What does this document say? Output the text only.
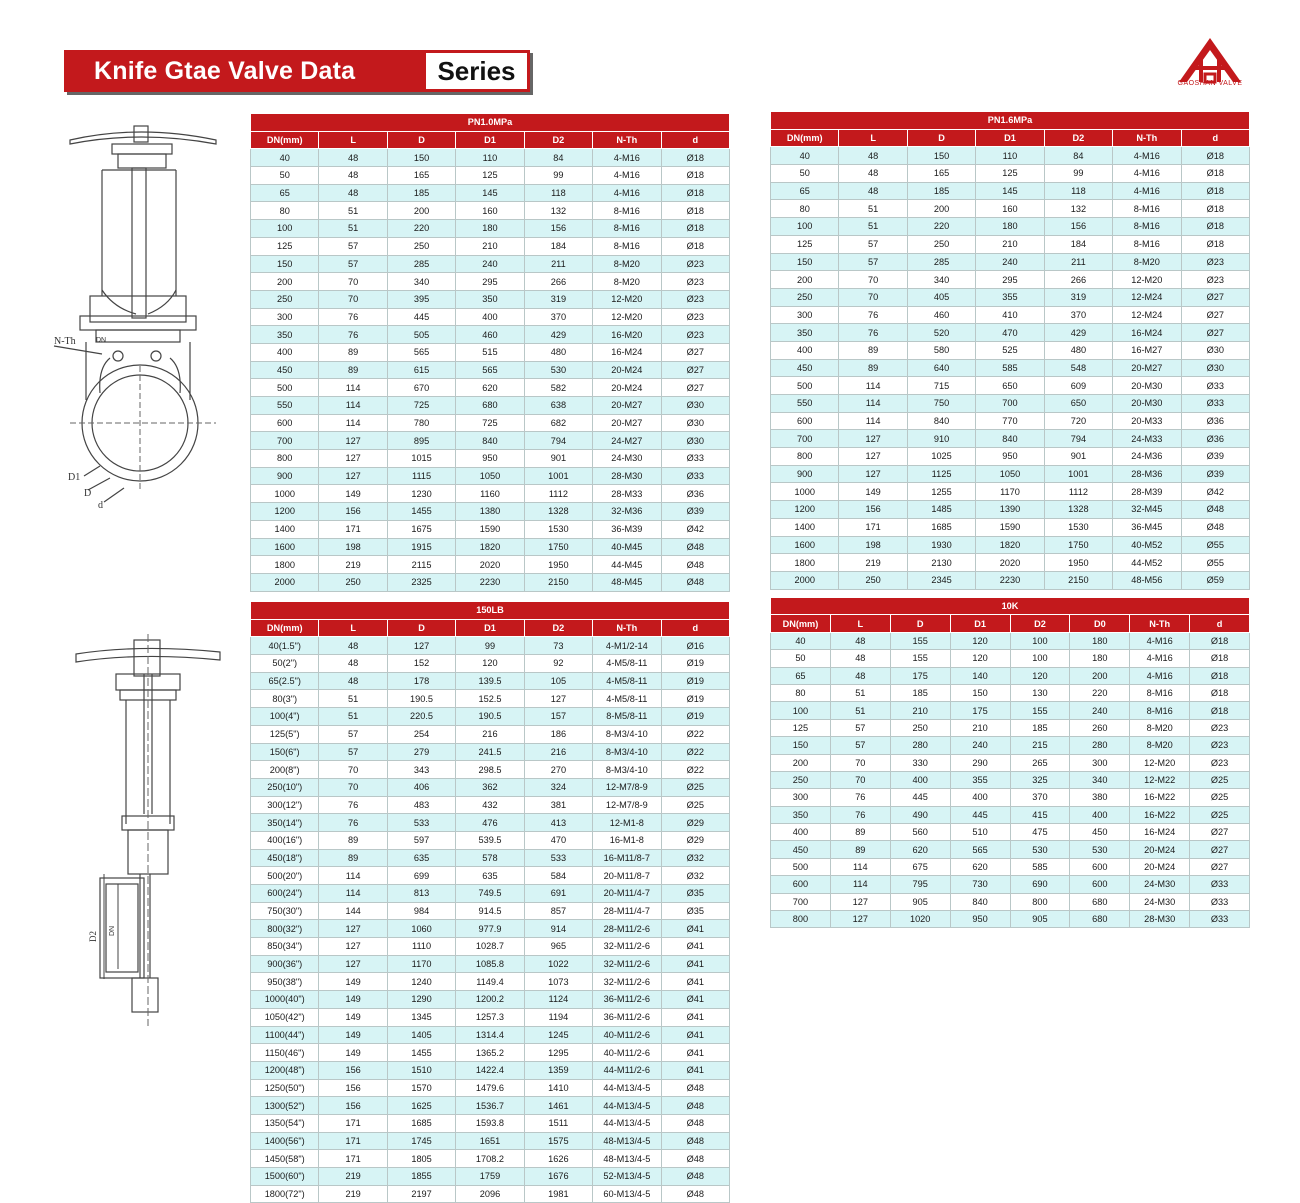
Knife Gtae Valve Data	Series	GAOSHAN VALVE
N-Th	DN
D1
D
d
D2
DN
PN1.0MPa						
DN(mm)	L	D	D1	D2	N-Th	d
40	48	150	110	84	4-M16	Ø18
50	48	165	125	99	4-M16	Ø18
65	48	185	145	118	4-M16	Ø18
80	51	200	160	132	8-M16	Ø18
100	51	220	180	156	8-M16	Ø18
125	57	250	210	184	8-M16	Ø18
150	57	285	240	211	8-M20	Ø23
200	70	340	295	266	8-M20	Ø23
250	70	395	350	319	12-M20	Ø23
300	76	445	400	370	12-M20	Ø23
350	76	505	460	429	16-M20	Ø23
400	89	565	515	480	16-M24	Ø27
450	89	615	565	530	20-M24	Ø27
500	114	670	620	582	20-M24	Ø27
550	114	725	680	638	20-M27	Ø30
600	114	780	725	682	20-M27	Ø30
700	127	895	840	794	24-M27	Ø30
800	127	1015	950	901	24-M30	Ø33
900	127	1115	1050	1001	28-M30	Ø33
1000	149	1230	1160	1112	28-M33	Ø36
1200	156	1455	1380	1328	32-M36	Ø39
1400	171	1675	1590	1530	36-M39	Ø42
1600	198	1915	1820	1750	40-M45	Ø48
1800	219	2115	2020	1950	44-M45	Ø48
2000	250	2325	2230	2150	48-M45	Ø48
PN1.6MPa						
DN(mm)	L	D	D1	D2	N-Th	d
40	48	150	110	84	4-M16	Ø18
50	48	165	125	99	4-M16	Ø18
65	48	185	145	118	4-M16	Ø18
80	51	200	160	132	8-M16	Ø18
100	51	220	180	156	8-M16	Ø18
125	57	250	210	184	8-M16	Ø18
150	57	285	240	211	8-M20	Ø23
200	70	340	295	266	12-M20	Ø23
250	70	405	355	319	12-M24	Ø27
300	76	460	410	370	12-M24	Ø27
350	76	520	470	429	16-M24	Ø27
400	89	580	525	480	16-M27	Ø30
450	89	640	585	548	20-M27	Ø30
500	114	715	650	609	20-M30	Ø33
550	114	750	700	650	20-M30	Ø33
600	114	840	770	720	20-M33	Ø36
700	127	910	840	794	24-M33	Ø36
800	127	1025	950	901	24-M36	Ø39
900	127	1125	1050	1001	28-M36	Ø39
1000	149	1255	1170	1112	28-M39	Ø42
1200	156	1485	1390	1328	32-M45	Ø48
1400	171	1685	1590	1530	36-M45	Ø48
1600	198	1930	1820	1750	40-M52	Ø55
1800	219	2130	2020	1950	44-M52	Ø55
2000	250	2345	2230	2150	48-M56	Ø59
150LB						
DN(mm)	L	D	D1	D2	N-Th	d
40(1.5")	48	127	99	73	4-M1/2-14	Ø16
50(2")	48	152	120	92	4-M5/8-11	Ø19
65(2.5")	48	178	139.5	105	4-M5/8-11	Ø19
80(3")	51	190.5	152.5	127	4-M5/8-11	Ø19
100(4")	51	220.5	190.5	157	8-M5/8-11	Ø19
125(5")	57	254	216	186	8-M3/4-10	Ø22
150(6")	57	279	241.5	216	8-M3/4-10	Ø22
200(8")	70	343	298.5	270	8-M3/4-10	Ø22
250(10")	70	406	362	324	12-M7/8-9	Ø25
300(12")	76	483	432	381	12-M7/8-9	Ø25
350(14")	76	533	476	413	12-M1-8	Ø29
400(16")	89	597	539.5	470	16-M1-8	Ø29
450(18")	89	635	578	533	16-M11/8-7	Ø32
500(20")	114	699	635	584	20-M11/8-7	Ø32
600(24")	114	813	749.5	691	20-M11/4-7	Ø35
750(30")	144	984	914.5	857	28-M11/4-7	Ø35
800(32")	127	1060	977.9	914	28-M11/2-6	Ø41
850(34")	127	1110	1028.7	965	32-M11/2-6	Ø41
900(36")	127	1170	1085.8	1022	32-M11/2-6	Ø41
950(38")	149	1240	1149.4	1073	32-M11/2-6	Ø41
1000(40")	149	1290	1200.2	1124	36-M11/2-6	Ø41
1050(42")	149	1345	1257.3	1194	36-M11/2-6	Ø41
1100(44")	149	1405	1314.4	1245	40-M11/2-6	Ø41
1150(46")	149	1455	1365.2	1295	40-M11/2-6	Ø41
1200(48")	156	1510	1422.4	1359	44-M11/2-6	Ø41
1250(50")	156	1570	1479.6	1410	44-M13/4-5	Ø48
1300(52")	156	1625	1536.7	1461	44-M13/4-5	Ø48
1350(54")	171	1685	1593.8	1511	44-M13/4-5	Ø48
1400(56")	171	1745	1651	1575	48-M13/4-5	Ø48
1450(58")	171	1805	1708.2	1626	48-M13/4-5	Ø48
1500(60")	219	1855	1759	1676	52-M13/4-5	Ø48
1800(72")	219	2197	2096	1981	60-M13/4-5	Ø48
10K							
DN(mm)	L	D	D1	D2	D0	N-Th	d
40	48	155	120	100	180	4-M16	Ø18
50	48	155	120	100	180	4-M16	Ø18
65	48	175	140	120	200	4-M16	Ø18
80	51	185	150	130	220	8-M16	Ø18
100	51	210	175	155	240	8-M16	Ø18
125	57	250	210	185	260	8-M20	Ø23
150	57	280	240	215	280	8-M20	Ø23
200	70	330	290	265	300	12-M20	Ø23
250	70	400	355	325	340	12-M22	Ø25
300	76	445	400	370	380	16-M22	Ø25
350	76	490	445	415	400	16-M22	Ø25
400	89	560	510	475	450	16-M24	Ø27
450	89	620	565	530	530	20-M24	Ø27
500	114	675	620	585	600	20-M24	Ø27
600	114	795	730	690	600	24-M30	Ø33
700	127	905	840	800	680	24-M30	Ø33
800	127	1020	950	905	680	28-M30	Ø33
